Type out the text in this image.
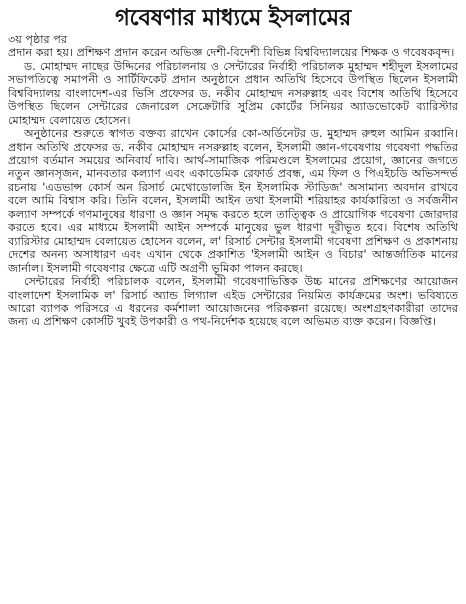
গবেষণার মাধ্যমে ইসলামের

৩য় পৃষ্ঠার পর

প্রদান করা হয়। প্রশিক্ষণ প্রদান করেন অভিজ্ঞ দেশী-বিদেশী বিভিন্ন বিশ্ববিদ্যালয়ের শিক্ষক ও গবেষকবৃন্দ।

ড. মোহাম্মদ নাছের উদ্দিনের পরিচালনায় ও সেন্টারের নির্বাহী পরিচালক মুহাম্মদ শহীদুল ইসলামের সভাপতিত্বে সমাপনী ও সার্টিফিকেট প্রদান অনুষ্ঠানে প্রধান অতিথি হিসেবে উপস্থিত ছিলেন ইসলামী বিশ্ববিদ্যালয় বাংলাদেশ-এর ভিসি প্রফেসর ড. নকীব মোহাম্মদ নসরুল্লাহ এবং বিশেষ অতিথি হিসেবে উপস্থিত ছিলেন সেন্টারের জেনারেল সেক্রেটারি সুপ্রিম কোর্টের সিনিয়র অ্যাডভোকেট ব্যারিস্টার মোহাম্মদ বেলায়েত হোসেন।

অনুষ্ঠানের শুরুতে স্বাগত বক্তব্য রাখেন কোর্সের কো-অর্ডিনেটর ড. মুহাম্মদ রুহুল আমিন রব্বানি। প্রধান অতিথি প্রফেসর ড. নকীব মোহাম্মদ নসরুল্লাহ বলেন, ইসলামী জ্ঞান-গবেষণায় গবেষণা পদ্ধতির প্রয়োগ বর্তমান সময়ের অনিবার্য দাবি। আর্থ-সামাজিক পরিমণ্ডলে ইসলামের প্রয়োগ, জ্ঞানের জগতে নতুন জ্ঞানসৃজন, মানবতার কল্যাণ এবং একাডেমিক রেফার্ড প্রবন্ধ, এম ফিল ও পিএইচডি অভিসন্দর্ভ রচনায় 'এডভান্স কোর্স অন রিসার্চ মেথোডোলজি ইন ইসলামিক স্টাডিজ' অসামান্য অবদান রাখবে বলে আমি বিশ্বাস করি। তিনি বলেন, ইসলামী আইন তথা ইসলামী শরিয়াহর কার্যকারিতা ও সর্বজনীন কল্যাণ সম্পর্কে গণমানুষের ধারণা ও জ্ঞান সমৃদ্ধ করতে হলে তাত্ত্বিক ও প্রায়োগিক গবেষণা জোরদার করতে হবে। এর মাধ্যমে ইসলামী আইন সম্পর্কে মানুষের ভুল ধারণা দূরীভূত হবে। বিশেষ অতিথি ব্যারিস্টার মোহাম্মদ বেলায়েত হোসেন বলেন, ল' রিসার্চ সেন্টার ইসলামী গবেষণা প্রশিক্ষণ ও প্রকাশনায় দেশের অনন্য অসাধারণ এবং এখান থেকে প্রকাশিত 'ইসলামী আইন ও বিচার' আন্তর্জাতিক মানের জার্নাল। ইসলামী গবেষণার ক্ষেত্রে এটি অগ্রণী ভূমিকা পালন করছে।

সেন্টারের নির্বাহী পরিচালক বলেন, ইসলামী গবেষণাভিত্তিক উচ্চ মানের প্রশিক্ষণের আয়োজন বাংলাদেশ ইসলামিক ল' রিসার্চ অ্যান্ড লিগ্যাল এইড সেন্টারের নিয়মিত কার্যক্রমের অংশ। ভবিষ্যতে আরো ব্যাপক পরিসরে এ ধরনের কর্মশালা আয়োজনের পরিকল্পনা রয়েছে। অংশগ্রহণকারীরা তাদের জন্য এ প্রশিক্ষণ কোর্সটি খুবই উপকারী ও পথ-নির্দেশক হয়েছে বলে অভিমত ব্যক্ত করেন। বিজ্ঞপ্তি।
